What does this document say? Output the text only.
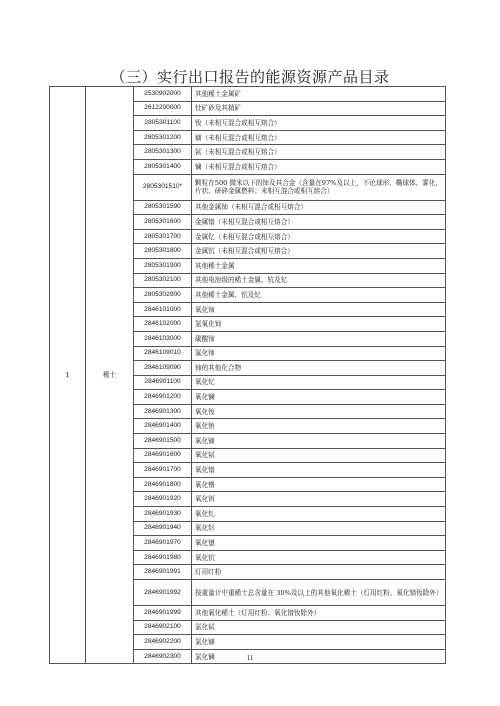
（三）实行出口报告的能源资源产品目录
1	稀土	2530902000	其他稀土金属矿
		2612200000	钍矿砂及其精矿
		2805301100	钕（未相互混合或相互熔合）
		2805301200	镝（未相互混合或相互熔合）
		2805301300	铽（未相互混合或相互熔合）
		2805301400	镧（未相互混合或相互熔合）
		2805301510*	颗粒在500 微米以下的铈及其合金（含量在97%及以上，不论球形、椭球体、雾化、片状、研碎金属燃料；未相互混合或相互熔合）
		2805301590	其他金属铈（未相互混合或相互熔合）
		2805301600	金属镨（未相互混合或相互熔合）
		2805301700	金属钇（未相互混合或相互熔合）
		2805301800	金属钪（未相互混合或相互熔合）
		2805301900	其他稀土金属
		2805302100	其他电池级的稀土金属、钪及钇
		2805302900	其他稀土金属、钪及钇
		2846101000	氧化铈
		2846102000	氢氧化铈
		2846103000	碳酸铈
		2846109010	氟化铈
		2846109090	铈的其他化合物
		2846901100	氧化钇
		2846901200	氧化镧
		2846901300	氧化钕
		2846901400	氧化铕
		2846901500	氧化镝
		2846901600	氧化铽
		2846901700	氧化镨
		2846901800	氧化镥
		2846901920	氧化铒
		2846901930	氧化钆
		2846901940	氧化钐
		2846901970	氧化镱
		2846901980	氧化钪
		2846901991	灯用红粉
		2846901992	按重量计中重稀土总含量在 30%及以上的其他氧化稀土（灯用红粉、氧化镨钕除外）
		2846901999	其他氧化稀土（灯用红粉、氧化镨钕除外）
		2846902100	氯化铽
		2846902200	氯化镝
		2846902300	氯化镧	11
